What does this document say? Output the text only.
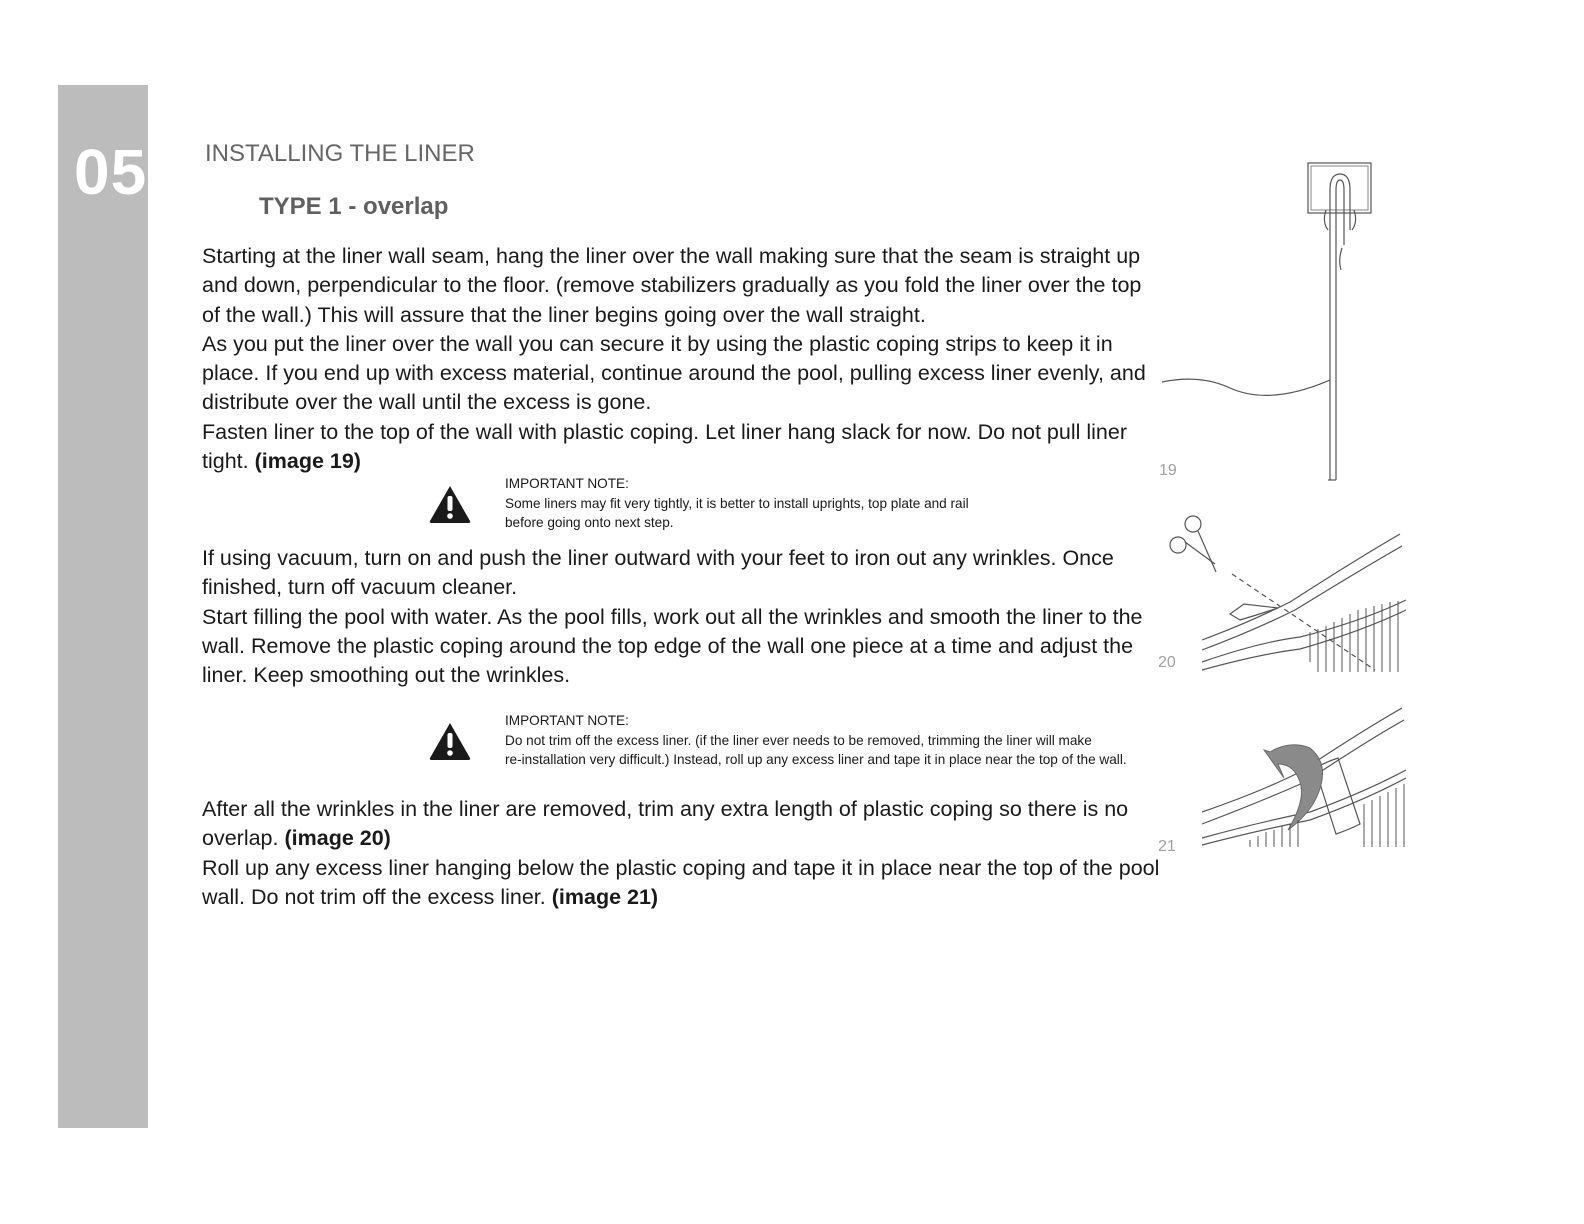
05 INSTALLING THE LINER
TYPE 1 - overlap
Starting at the liner wall seam, hang the liner over the wall making sure that the seam is straight up and down, perpendicular to the floor. (remove stabilizers gradually as you fold the liner over the top of the wall.) This will assure that the liner begins going over the wall straight.
As you put the liner over the wall you can secure it by using the plastic coping strips to keep it in place. If you end up with excess material, continue around the pool, pulling excess liner evenly, and distribute over the wall until the excess is gone.
Fasten liner to the top of the wall with plastic coping. Let liner hang slack for now. Do not pull liner tight. (image 19)
IMPORTANT NOTE:
Some liners may fit very tightly, it is better to install uprights, top plate and rail
before going onto next step.
If using vacuum, turn on and push the liner outward with your feet to iron out any wrinkles. Once finished, turn off vacuum cleaner.
Start filling the pool with water. As the pool fills, work out all the wrinkles and smooth the liner to the wall. Remove the plastic coping around the top edge of the wall one piece at a time and adjust the liner. Keep smoothing out the wrinkles.
IMPORTANT NOTE:
Do not trim off the excess liner. (if the liner ever needs to be removed, trimming the liner will make
re-installation very difficult.) Instead, roll up any excess liner and tape it in place near the top of the wall.
After all the wrinkles in the liner are removed, trim any extra length of plastic coping so there is no overlap. (image 20)
Roll up any excess liner hanging below the plastic coping and tape it in place near the top of the pool wall. Do not trim off the excess liner. (image 21)
19
20
21
